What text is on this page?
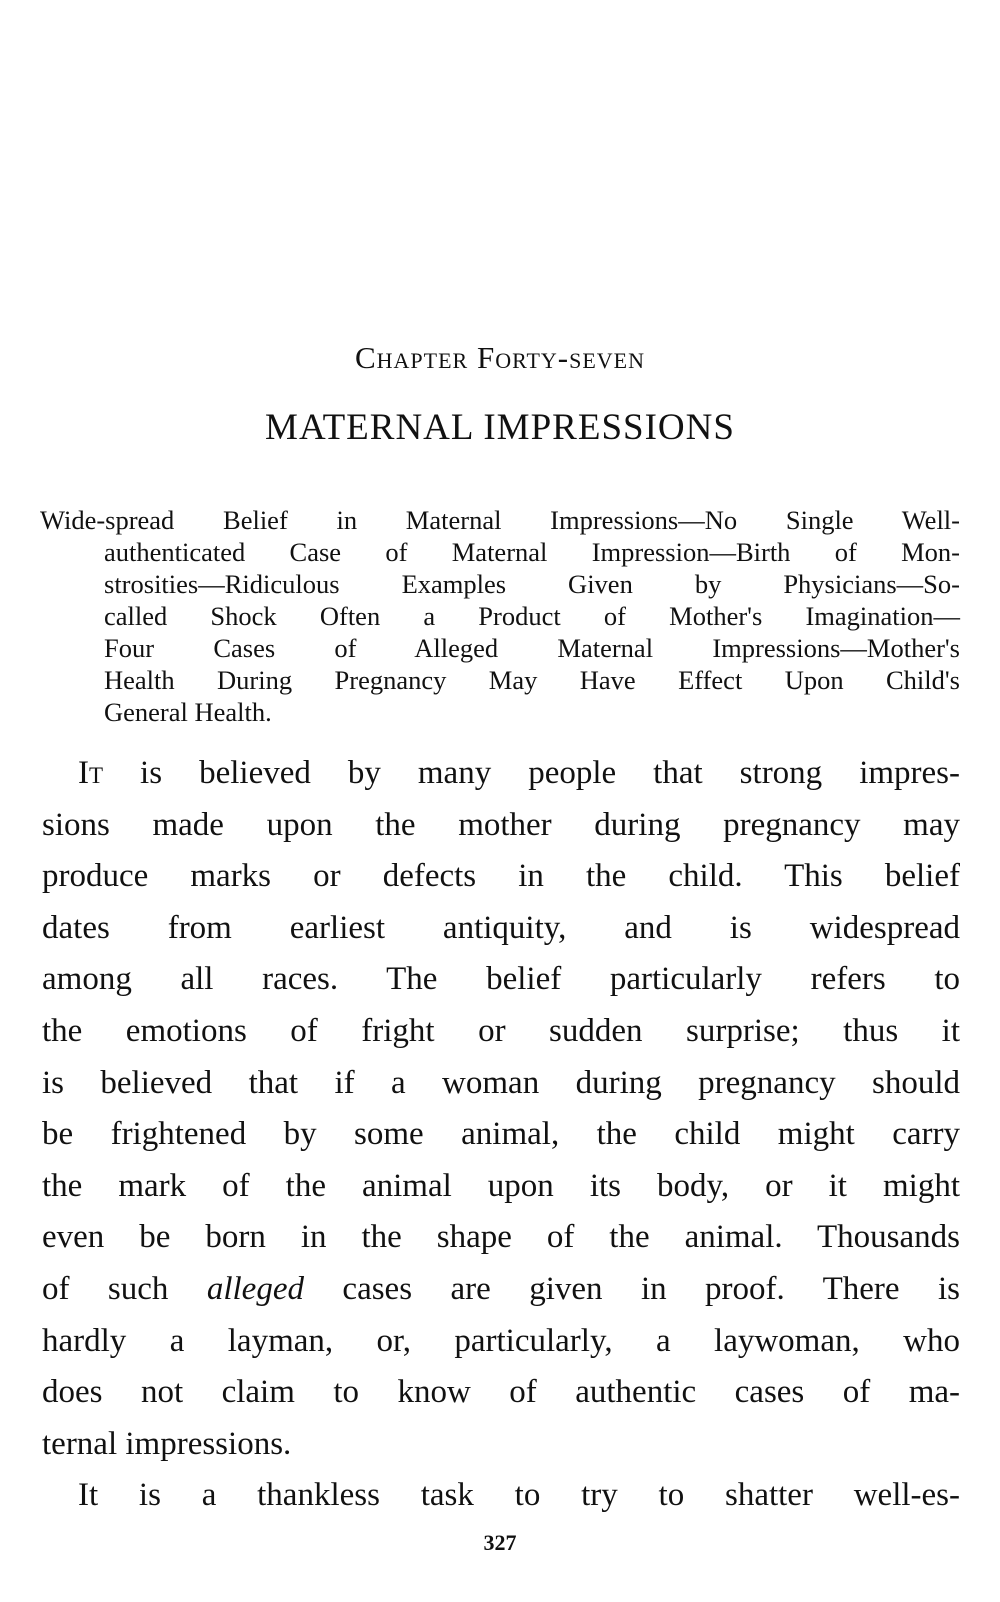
Chapter Forty-seven
MATERNAL IMPRESSIONS
Wide-spread Belief in Maternal Impressions—No Single Well-
authenticated Case of Maternal Impression—Birth of Mon-
strosities—Ridiculous Examples Given by Physicians—So-
called Shock Often a Product of Mother's Imagination—
Four Cases of Alleged Maternal Impressions—Mother's
Health During Pregnancy May Have Effect Upon Child's
General Health.
It is believed by many people that strong impres-
sions made upon the mother during pregnancy may
produce marks or defects in the child. This belief
dates from earliest antiquity, and is widespread
among all races. The belief particularly refers to
the emotions of fright or sudden surprise; thus it
is believed that if a woman during pregnancy should
be frightened by some animal, the child might carry
the mark of the animal upon its body, or it might
even be born in the shape of the animal. Thousands
of such alleged cases are given in proof. There is
hardly a layman, or, particularly, a laywoman, who
does not claim to know of authentic cases of ma-
ternal impressions.
It is a thankless task to try to shatter well-es-
327
